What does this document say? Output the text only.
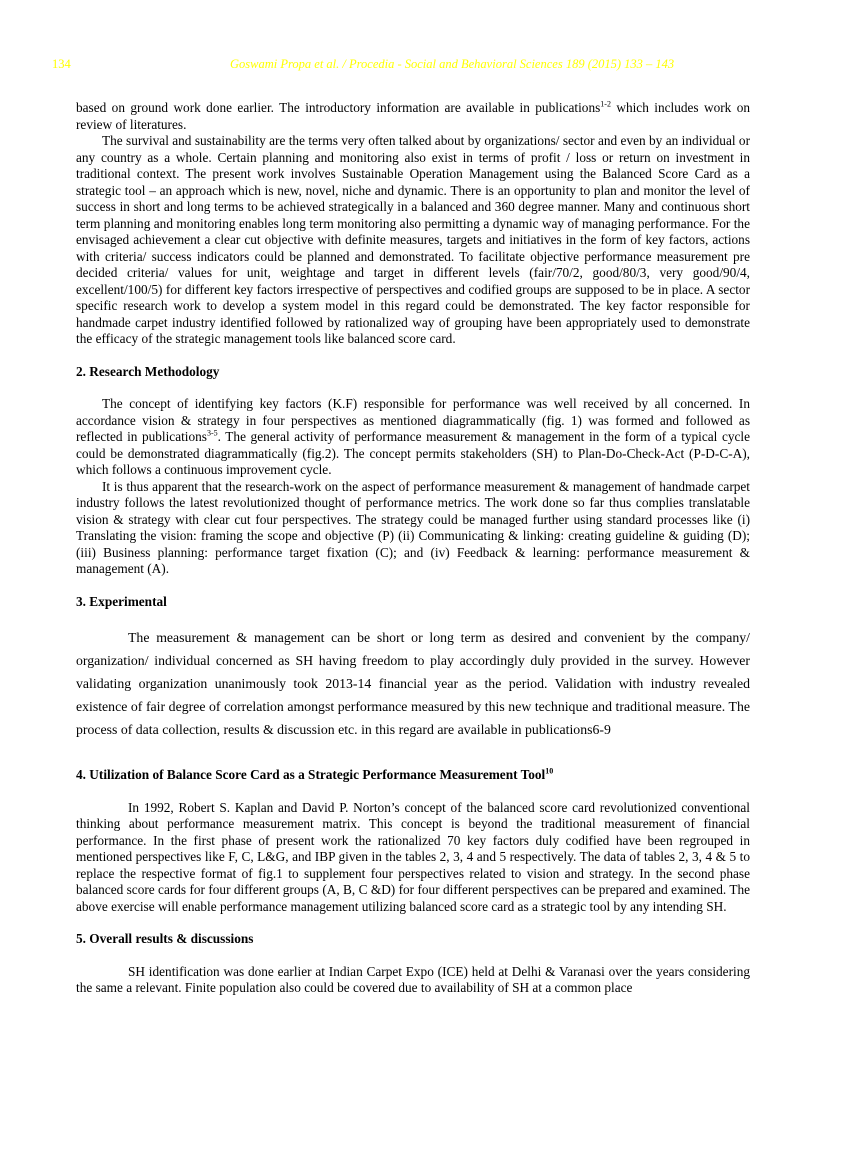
134	Goswami Propa et al. / Procedia - Social and Behavioral Sciences 189 (2015) 133 – 143

based on ground work done earlier. The introductory information are available in publications$^{1-2}$ which includes work on review of literatures.

The survival and sustainability are the terms very often talked about by organizations/ sector and even by an individual or any country as a whole. Certain planning and monitoring also exist in terms of profit / loss or return on investment in traditional context. The present work involves Sustainable Operation Management using the Balanced Score Card as a strategic tool – an approach which is new, novel, niche and dynamic. There is an opportunity to plan and monitor the level of success in short and long terms to be achieved strategically in a balanced and 360 degree manner. Many and continuous short term planning and monitoring enables long term monitoring also permitting a dynamic way of managing performance. For the envisaged achievement a clear cut objective with definite measures, targets and initiatives in the form of key factors, actions with criteria/ success indicators could be planned and demonstrated. To facilitate objective performance measurement pre decided criteria/ values for unit, weightage and target in different levels (fair/70/2, good/80/3, very good/90/4, excellent/100/5) for different key factors irrespective of perspectives and codified groups are supposed to be in place. A sector specific research work to develop a system model in this regard could be demonstrated. The key factor responsible for handmade carpet industry identified followed by rationalized way of grouping have been appropriately used to demonstrate the efficacy of the strategic management tools like balanced score card.

2. Research Methodology

The concept of identifying key factors (K.F) responsible for performance was well received by all concerned. In accordance vision & strategy in four perspectives as mentioned diagrammatically (fig. 1) was formed and followed as reflected in publications$^{3-5}$. The general activity of performance measurement & management in the form of a typical cycle could be demonstrated diagrammatically (fig.2). The concept permits stakeholders (SH) to Plan-Do-Check-Act (P-D-C-A), which follows a continuous improvement cycle.

It is thus apparent that the research-work on the aspect of performance measurement & management of handmade carpet industry follows the latest revolutionized thought of performance metrics. The work done so far thus complies translatable vision & strategy with clear cut four perspectives. The strategy could be managed further using standard processes like (i) Translating the vision: framing the scope and objective (P) (ii) Communicating & linking: creating guideline & guiding (D); (iii) Business planning: performance target fixation (C); and (iv) Feedback & learning: performance measurement & management (A).

3. Experimental

The measurement & management can be short or long term as desired and convenient by the company/ organization/ individual concerned as SH having freedom to play accordingly duly provided in the survey. However validating organization unanimously took 2013-14 financial year as the period. Validation with industry revealed existence of fair degree of correlation amongst performance measured by this new technique and traditional measure. The process of data collection, results & discussion etc. in this regard are available in publications6-9

4. Utilization of Balance Score Card as a Strategic Performance Measurement Tool$^{10}$

In 1992, Robert S. Kaplan and David P. Norton’s concept of the balanced score card revolutionized conventional thinking about performance measurement matrix. This concept is beyond the traditional measurement of financial performance. In the first phase of present work the rationalized 70 key factors duly codified have been regrouped in mentioned perspectives like F, C, L&G, and IBP given in the tables 2, 3, 4 and 5 respectively. The data of tables 2, 3, 4 & 5 to replace the respective format of fig.1 to supplement four perspectives related to vision and strategy. In the second phase balanced score cards for four different groups (A, B, C &D) for four different perspectives can be prepared and examined. The above exercise will enable performance management utilizing balanced score card as a strategic tool by any intending SH.

5. Overall results & discussions

SH identification was done earlier at Indian Carpet Expo (ICE) held at Delhi & Varanasi over the years considering the same a relevant. Finite population also could be covered due to availability of SH at a common place
